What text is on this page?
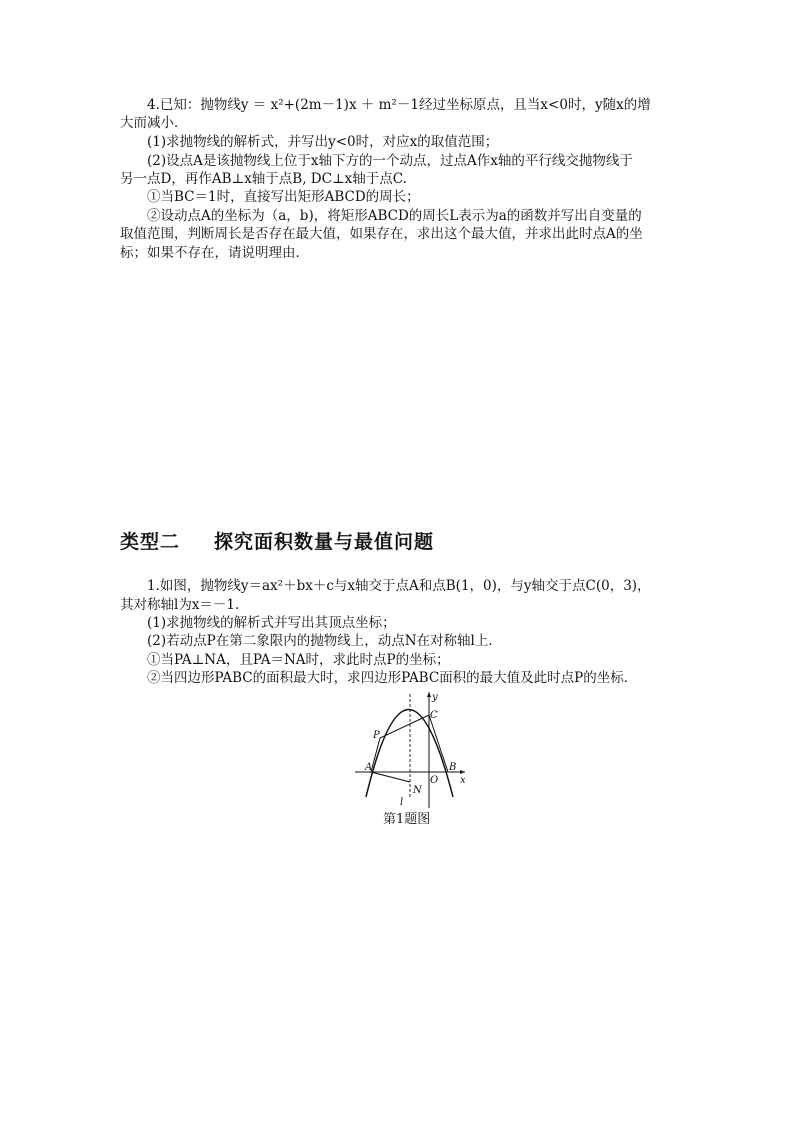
4.已知：抛物线y ＝ x²+(2m－1)x ＋ m²－1经过坐标原点，且当x<0时，y随x的增

大而减小．

(1)求抛物线的解析式，并写出y<0时，对应x的取值范围；

(2)设点A是该抛物线上位于x轴下方的一个动点，过点A作x轴的平行线交抛物线于

另一点D，再作AB⊥x轴于点B, DC⊥x轴于点C.

①当BC＝1时，直接写出矩形ABCD的周长；

②设动点A的坐标为（a，b)，将矩形ABCD的周长L表示为a的函数并写出自变量的

取值范围，判断周长是否存在最大值，如果存在，求出这个最大值，并求出此时点A的坐

标；如果不存在，请说明理由．

类型二 探究面积数量与最值问题

1.如图，抛物线y＝ax²＋bx＋c与x轴交于点A和点B(1，0)，与y轴交于点C(0，3)，

其对称轴l为x＝－1.

(1)求抛物线的解析式并写出其顶点坐标；

(2)若动点P在第二象限内的抛物线上，动点N在对称轴l上．

①当PA⊥NA，且PA＝NA时，求此时点P的坐标；

②当四边形PABC的面积最大时，求四边形PABC面积的最大值及此时点P的坐标．

y
x
C
P
A	B
O
N
l

第1题图
